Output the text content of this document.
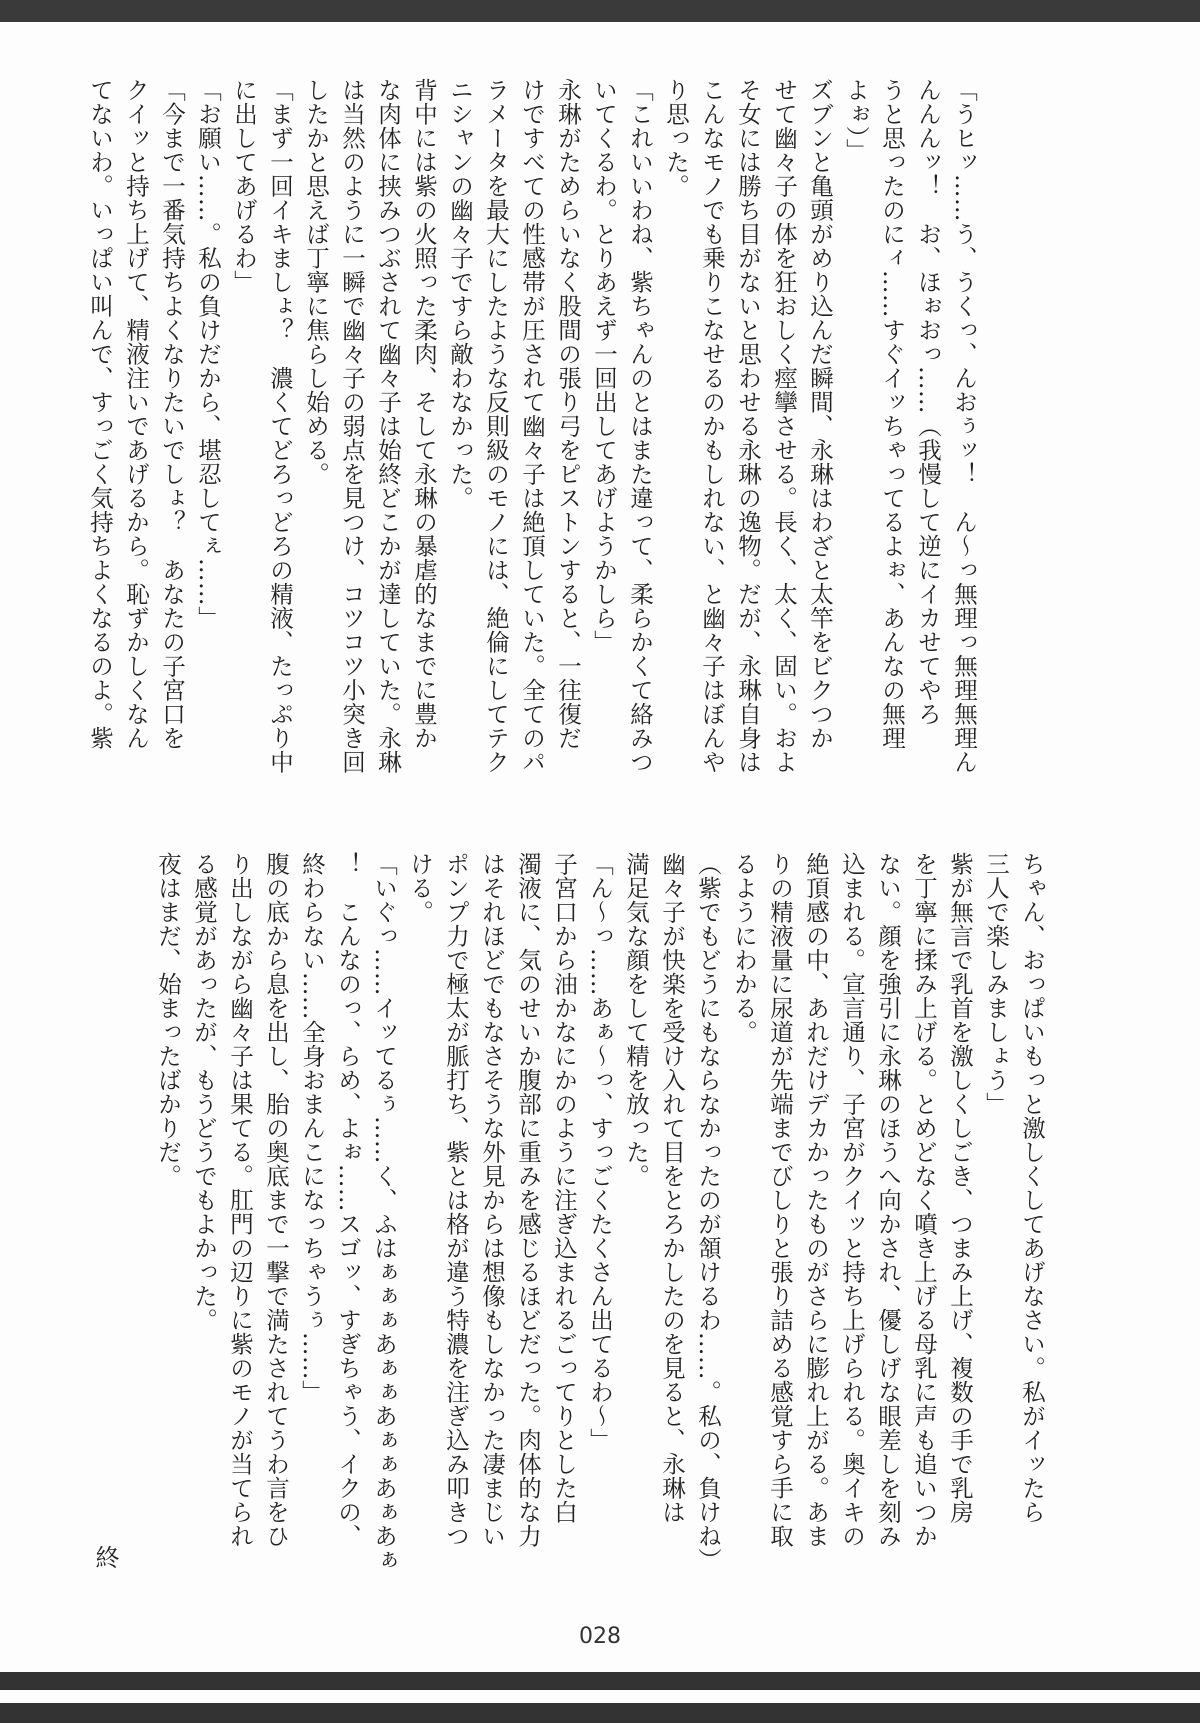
「うヒッ……う、うくっ、んおぅッ！　ん〜っ無理っ無理無理ん
んんんッ！　お、ほぉおっ……（我慢して逆にイカせてやろ
うと思ったのにィ……すぐイッちゃってるよぉ、あんなの無理
よぉ）」
ズブンと亀頭がめり込んだ瞬間、永琳はわざと太竿をビクつか
せて幽々子の体を狂おしく痙攣させる。長く、太く、固い。およ
そ女には勝ち目がないと思わせる永琳の逸物。だが、永琳自身は
こんなモノでも乗りこなせるのかもしれない、と幽々子はぼんや
り思った。
「これいいわね、紫ちゃんのとはまた違って、柔らかくて絡みつ
いてくるわ。とりあえず一回出してあげようかしら」
永琳がためらいなく股間の張り弓をピストンすると、一往復だ
けですべての性感帯が圧されて幽々子は絶頂していた。全てのパ
ラメータを最大にしたような反則級のモノには、絶倫にしてテク
ニシャンの幽々子ですら敵わなかった。
背中には紫の火照った柔肉、そして永琳の暴虐的なまでに豊か
な肉体に挟みつぶされて幽々子は始終どこかが達していた。永琳
は当然のように一瞬で幽々子の弱点を見つけ、コツコツ小突き回
したかと思えば丁寧に焦らし始める。
「まず一回イキましょ？　濃くてどろっどろの精液、たっぷり中
に出してあげるわ」
「お願い……。私の負けだから、堪忍してぇ……」
「今まで一番気持ちよくなりたいでしょ？　あなたの子宮口を
クイッと持ち上げて、精液注いであげるから。恥ずかしくなん
てないわ。いっぱい叫んで、すっごく気持ちよくなるのよ。紫
ちゃん、おっぱいもっと激しくしてあげなさい。私がイッたら
三人で楽しみましょう」
紫が無言で乳首を激しくしごき、つまみ上げ、複数の手で乳房
を丁寧に揉み上げる。とめどなく噴き上げる母乳に声も追いつか
ない。顔を強引に永琳のほうへ向かされ、優しげな眼差しを刻み
込まれる。宣言通り、子宮がクイッと持ち上げられる。奥イキの
絶頂感の中、あれだけデカかったものがさらに膨れ上がる。あま
りの精液量に尿道が先端までびしりと張り詰める感覚すら手に取
るようにわかる。
（紫でもどうにもならなかったのが頷けるわ……。私の、負けね）
幽々子が快楽を受け入れて目をとろかしたのを見ると、永琳は
満足気な顔をして精を放った。
「ん〜っ……あぁ〜っ、すっごくたくさん出てるわ〜」
子宮口から油かなにかのように注ぎ込まれるごってりとした白
濁液に、気のせいか腹部に重みを感じるほどだった。肉体的な力
はそれほどでもなさそうな外見からは想像もしなかった凄まじい
ポンプ力で極太が脈打ち、紫とは格が違う特濃を注ぎ込み叩きつ
ける。
「いぐっ……イッてるぅ……く、ふはぁぁぁあぁぁあぁぁあぁあぁ
！　こんなのっ、らめ、よぉ……スゴッ、すぎちゃう、イクの、
終わらない……全身おまんこになっちゃうぅ……」
腹の底から息を出し、胎の奥底まで一撃で満たされてうわ言をひ
り出しながら幽々子は果てる。肛門の辺りに紫のモノが当てられ
る感覚があったが、もうどうでもよかった。
夜はまだ、始まったばかりだ。
終
028
